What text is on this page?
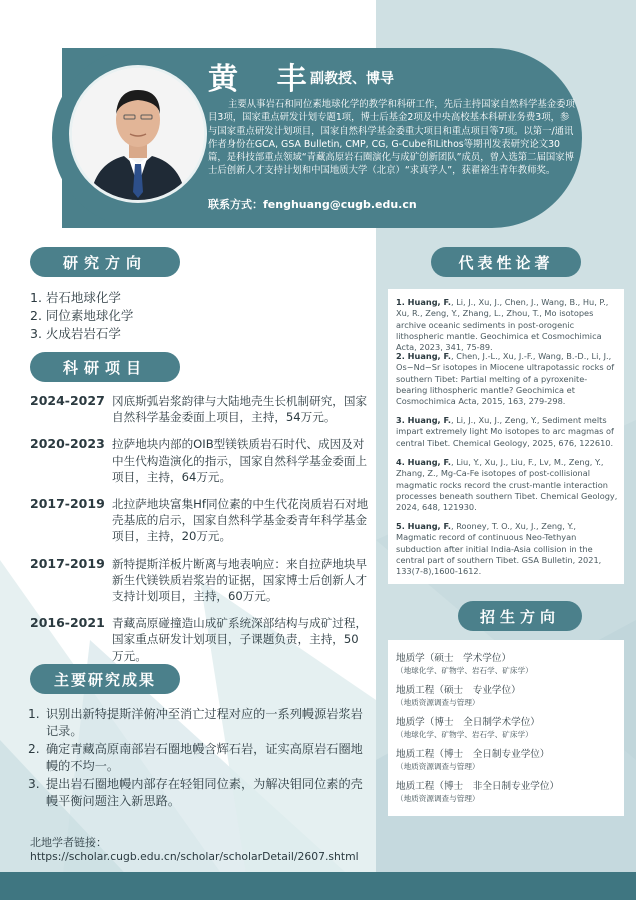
黄 丰
副教授、博导
主要从事岩石和同位素地球化学的教学和科研工作，先后主持国家自然科学基金委项目3项，国家重点研发计划专题1项，博士后基金2项及中央高校基本科研业务费3项，参与国家重点研发计划项目，国家自然科学基金委重大项目和重点项目等7项。以第一/通讯作者身份在GCA, GSA Bulletin, CMP, CG, G-Cube和Lithos等期刊发表研究论文30篇，是科技部重点领域“青藏高原岩石圈演化与成矿创新团队”成员，曾入选第二届国家博士后创新人才支持计划和中国地质大学（北京）“求真学人”，获翟裕生青年教师奖。
联系方式：fenghuang@cugb.edu.cn
研究方向
1. 岩石地球化学
2. 同位素地球化学
3. 火成岩岩石学
科研项目
2024-2027 冈底斯弧岩浆韵律与大陆地壳生长机制研究，国家自然科学基金委面上项目，主持，54万元。
2020-2023 拉萨地块内部的OIB型镁铁质岩石时代、成因及对中生代构造演化的指示，国家自然科学基金委面上项目，主持，64万元。
2017-2019 北拉萨地块富集Hf同位素的中生代花岗质岩石对地壳基底的启示，国家自然科学基金委青年科学基金项目，主持，20万元。
2017-2019 新特提斯洋板片断离与地表响应：来自拉萨地块早新生代镁铁质岩浆岩的证据，国家博士后创新人才支持计划项目，主持，60万元。
2016-2021 青藏高原碰撞造山成矿系统深部结构与成矿过程，国家重点研发计划项目，子课题负责，主持，50万元。
主要研究成果
1. 识别出新特提斯洋俯冲至消亡过程对应的一系列幔源岩浆岩记录。
2. 确定青藏高原南部岩石圈地幔含辉石岩，证实高原岩石圈地幔的不均一。
3. 提出岩石圈地幔内部存在轻钼同位素，为解决钼同位素的壳幔平衡问题注入新思路。
北地学者链接：
https://scholar.cugb.edu.cn/scholar/scholarDetail/2607.shtml
代表性论著
1. Huang, F., Li, J., Xu, J., Chen, J., Wang, B., Hu, P., Xu, R., Zeng, Y., Zhang, L., Zhou, T., Mo isotopes archive oceanic sediments in post-orogenic lithospheric mantle. Geochimica et Cosmochimica Acta, 2023, 341, 75-89.
2. Huang, F., Chen, J.-L., Xu, J.-F., Wang, B.-D., Li, J., Os−Nd−Sr isotopes in Miocene ultrapotassic rocks of southern Tibet: Partial melting of a pyroxenite-bearing lithospheric mantle? Geochimica et Cosmochimica Acta, 2015, 163, 279-298.
3. Huang, F., Li, J., Xu, J., Zeng, Y., Sediment melts impart extremely light Mo isotopes to arc magmas of central Tibet. Chemical Geology, 2025, 676, 122610.
4. Huang, F., Liu, Y., Xu, J., Liu, F., Lv, M., Zeng, Y., Zhang, Z., Mg-Ca-Fe isotopes of post-collisional magmatic rocks record the crust-mantle interaction processes beneath southern Tibet. Chemical Geology, 2024, 648, 121930.
5. Huang, F., Rooney, T. O., Xu, J., Zeng, Y., Magmatic record of continuous Neo-Tethyan subduction after initial India-Asia collision in the central part of southern Tibet. GSA Bulletin, 2021, 133(7-8),1600-1612.
招生方向
地质学（硕士　学术学位）
（地球化学、矿物学、岩石学、矿床学）
地质工程（硕士　专业学位）
（地质资源调查与管理）
地质学（博士　全日制学术学位）
（地球化学、矿物学、岩石学、矿床学）
地质工程（博士　全日制专业学位）
（地质资源调查与管理）
地质工程（博士　非全日制专业学位）
（地质资源调查与管理）
